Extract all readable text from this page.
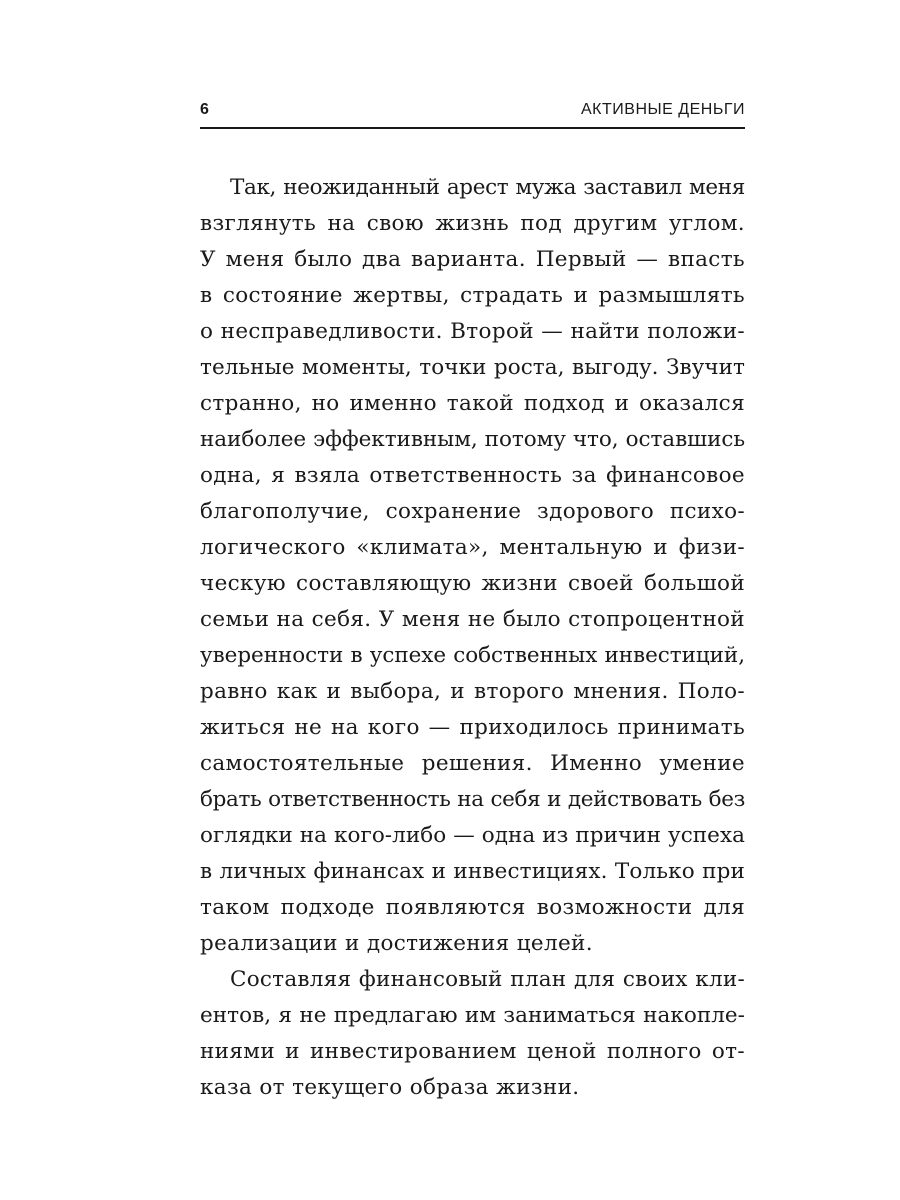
6	АКТИВНЫЕ ДЕНЬГИ
Так, неожиданный арест мужа заставил меня
взглянуть на свою жизнь под другим углом.
У меня было два варианта. Первый — впасть
в состояние жертвы, страдать и размышлять
о несправедливости. Второй — найти положи-
тельные моменты, точки роста, выгоду. Звучит
странно, но именно такой подход и оказался
наиболее эффективным, потому что, оставшись
одна, я взяла ответственность за финансовое
благополучие, сохранение здорового психо-
логического «климата», ментальную и физи-
ческую составляющую жизни своей большой
семьи на себя. У меня не было стопроцентной
уверенности в успехе собственных инвестиций,
равно как и выбора, и второго мнения. Поло-
житься не на кого — приходилось принимать
самостоятельные решения. Именно умение
брать ответственность на себя и действовать без
оглядки на кого-либо — одна из причин успеха
в личных финансах и инвестициях. Только при
таком подходе появляются возможности для
реализации и достижения целей.
Составляя финансовый план для своих кли-
ентов, я не предлагаю им заниматься накопле-
ниями и инвестированием ценой полного от-
каза от текущего образа жизни.
